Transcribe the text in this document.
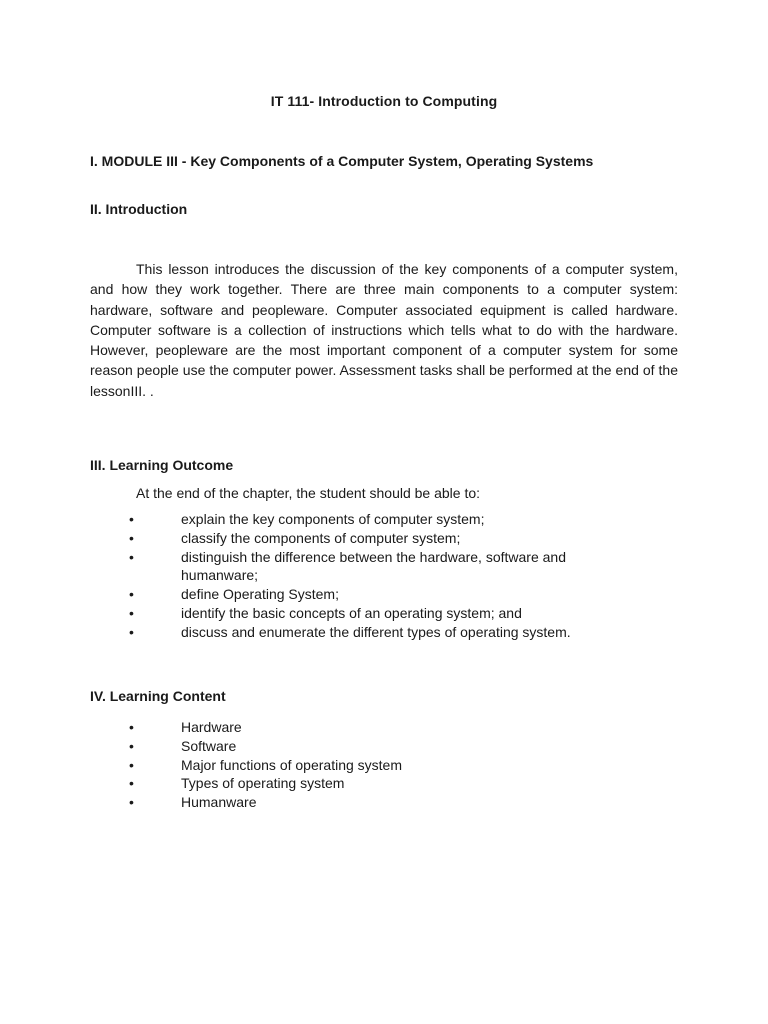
IT 111- Introduction to Computing
I. MODULE III - Key Components of a Computer System, Operating Systems
II. Introduction

This lesson introduces the discussion of the key components of a computer system, and how they work together. There are three main components to a computer system: hardware, software and peopleware. Computer associated equipment is called hardware. Computer software is a collection of instructions which tells what to do with the hardware. However, peopleware are the most important component of a computer system for some reason people use the computer power. Assessment tasks shall be performed at the end of the lessonIII. .

III. Learning Outcome
At the end of the chapter, the student should be able to:
•	explain the key components of computer system;
•	classify the components of computer system;
•	distinguish the difference between the hardware, software and humanware;
•	define Operating System;
•	identify the basic concepts of an operating system; and
•	discuss and enumerate the different types of operating system.
IV. Learning Content
•	Hardware
•	Software
•	Major functions of operating system
•	Types of operating system
•	Humanware
